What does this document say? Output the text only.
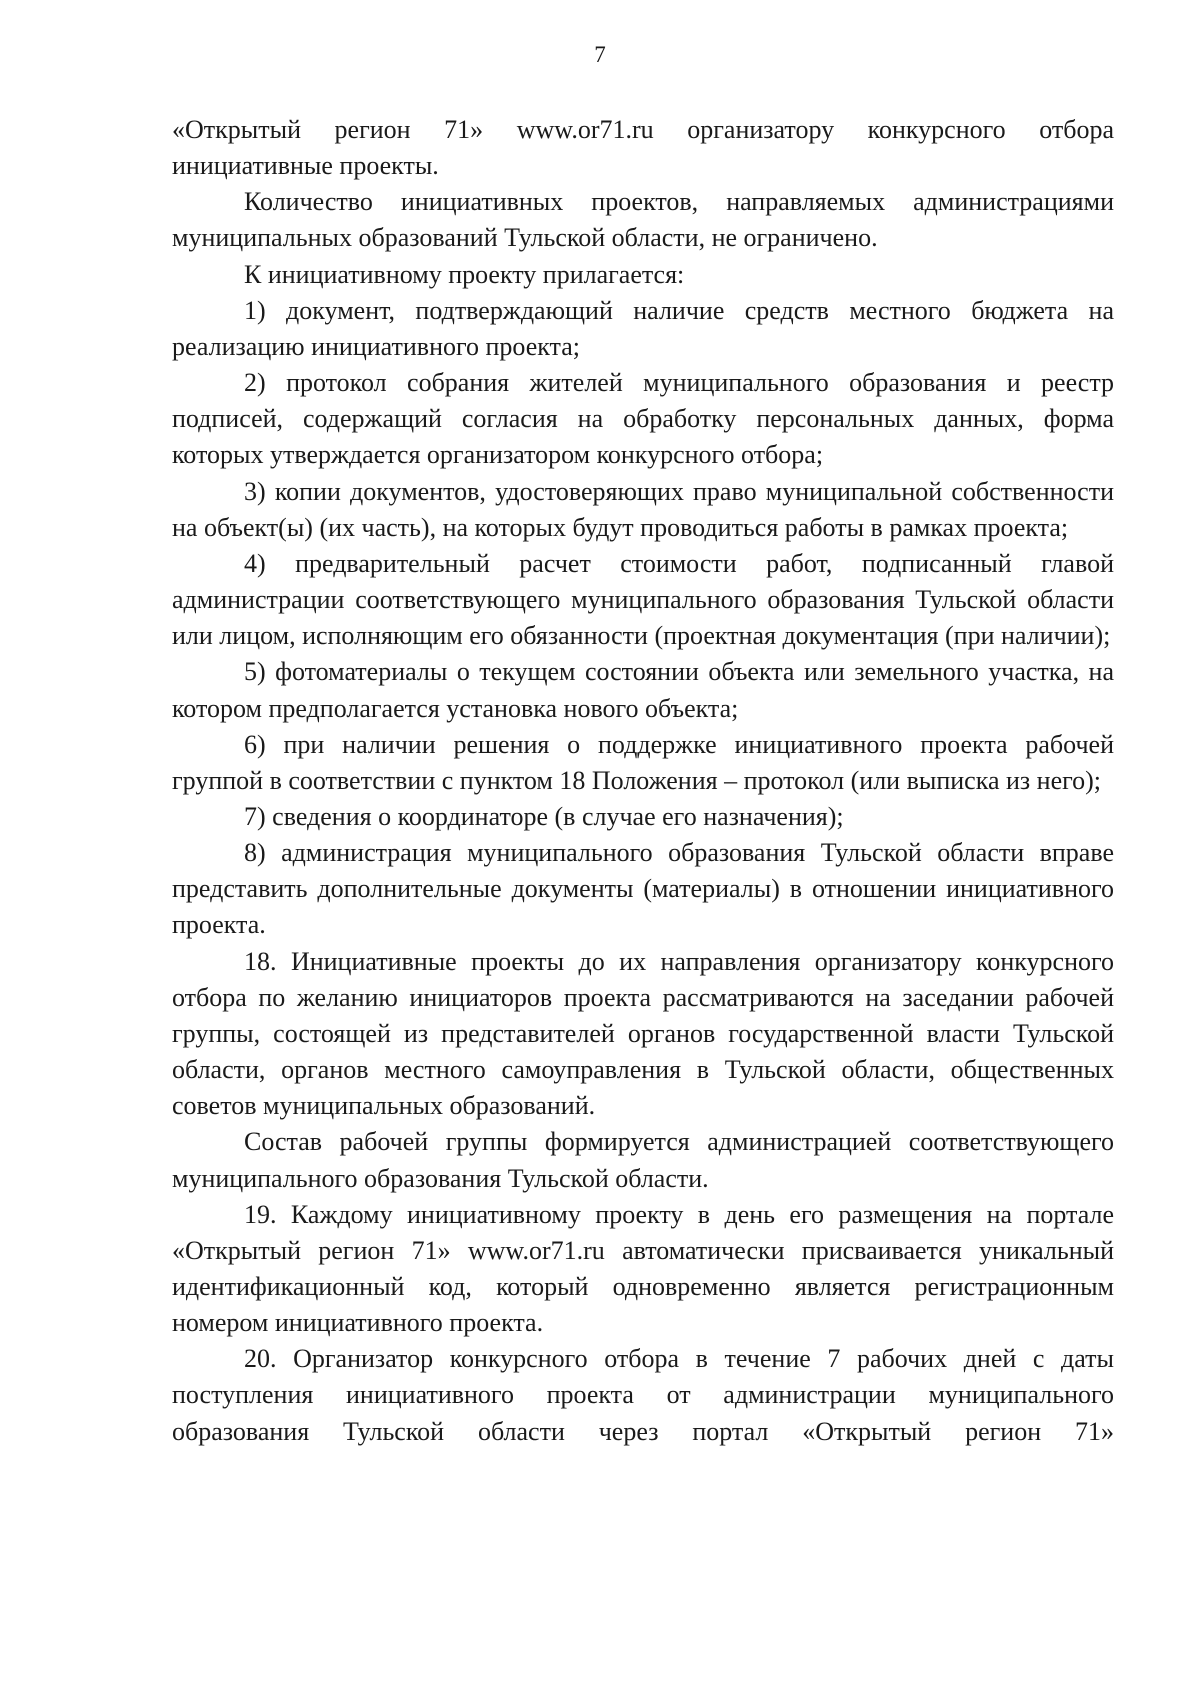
7

«Открытый регион 71» www.or71.ru организатору конкурсного отбора инициативные проекты.

Количество инициативных проектов, направляемых администрациями муниципальных образований Тульской области, не ограничено.

К инициативному проекту прилагается:

1) документ, подтверждающий наличие средств местного бюджета на реализацию инициативного проекта;

2) протокол собрания жителей муниципального образования и реестр подписей, содержащий согласия на обработку персональных данных, форма которых утверждается организатором конкурсного отбора;

3) копии документов, удостоверяющих право муниципальной собственности на объект(ы) (их часть), на которых будут проводиться работы в рамках проекта;

4) предварительный расчет стоимости работ, подписанный главой администрации соответствующего муниципального образования Тульской области или лицом, исполняющим его обязанности (проектная документация (при наличии);

5) фотоматериалы о текущем состоянии объекта или земельного участка, на котором предполагается установка нового объекта;

6) при наличии решения о поддержке инициативного проекта рабочей группой в соответствии с пунктом 18 Положения – протокол (или выписка из него);

7) сведения о координаторе (в случае его назначения);

8) администрация муниципального образования Тульской области вправе представить дополнительные документы (материалы) в отношении инициативного проекта.

18. Инициативные проекты до их направления организатору конкурсного отбора по желанию инициаторов проекта рассматриваются на заседании рабочей группы, состоящей из представителей органов государственной власти Тульской области, органов местного самоуправления в Тульской области, общественных советов муниципальных образований.

Состав рабочей группы формируется администрацией соответствующего муниципального образования Тульской области.

19. Каждому инициативному проекту в день его размещения на портале «Открытый регион 71» www.or71.ru автоматически присваивается уникальный идентификационный код, который одновременно является регистрационным номером инициативного проекта.

20. Организатор конкурсного отбора в течение 7 рабочих дней с даты поступления инициативного проекта от администрации муниципального образования Тульской области через портал «Открытый регион 71»
